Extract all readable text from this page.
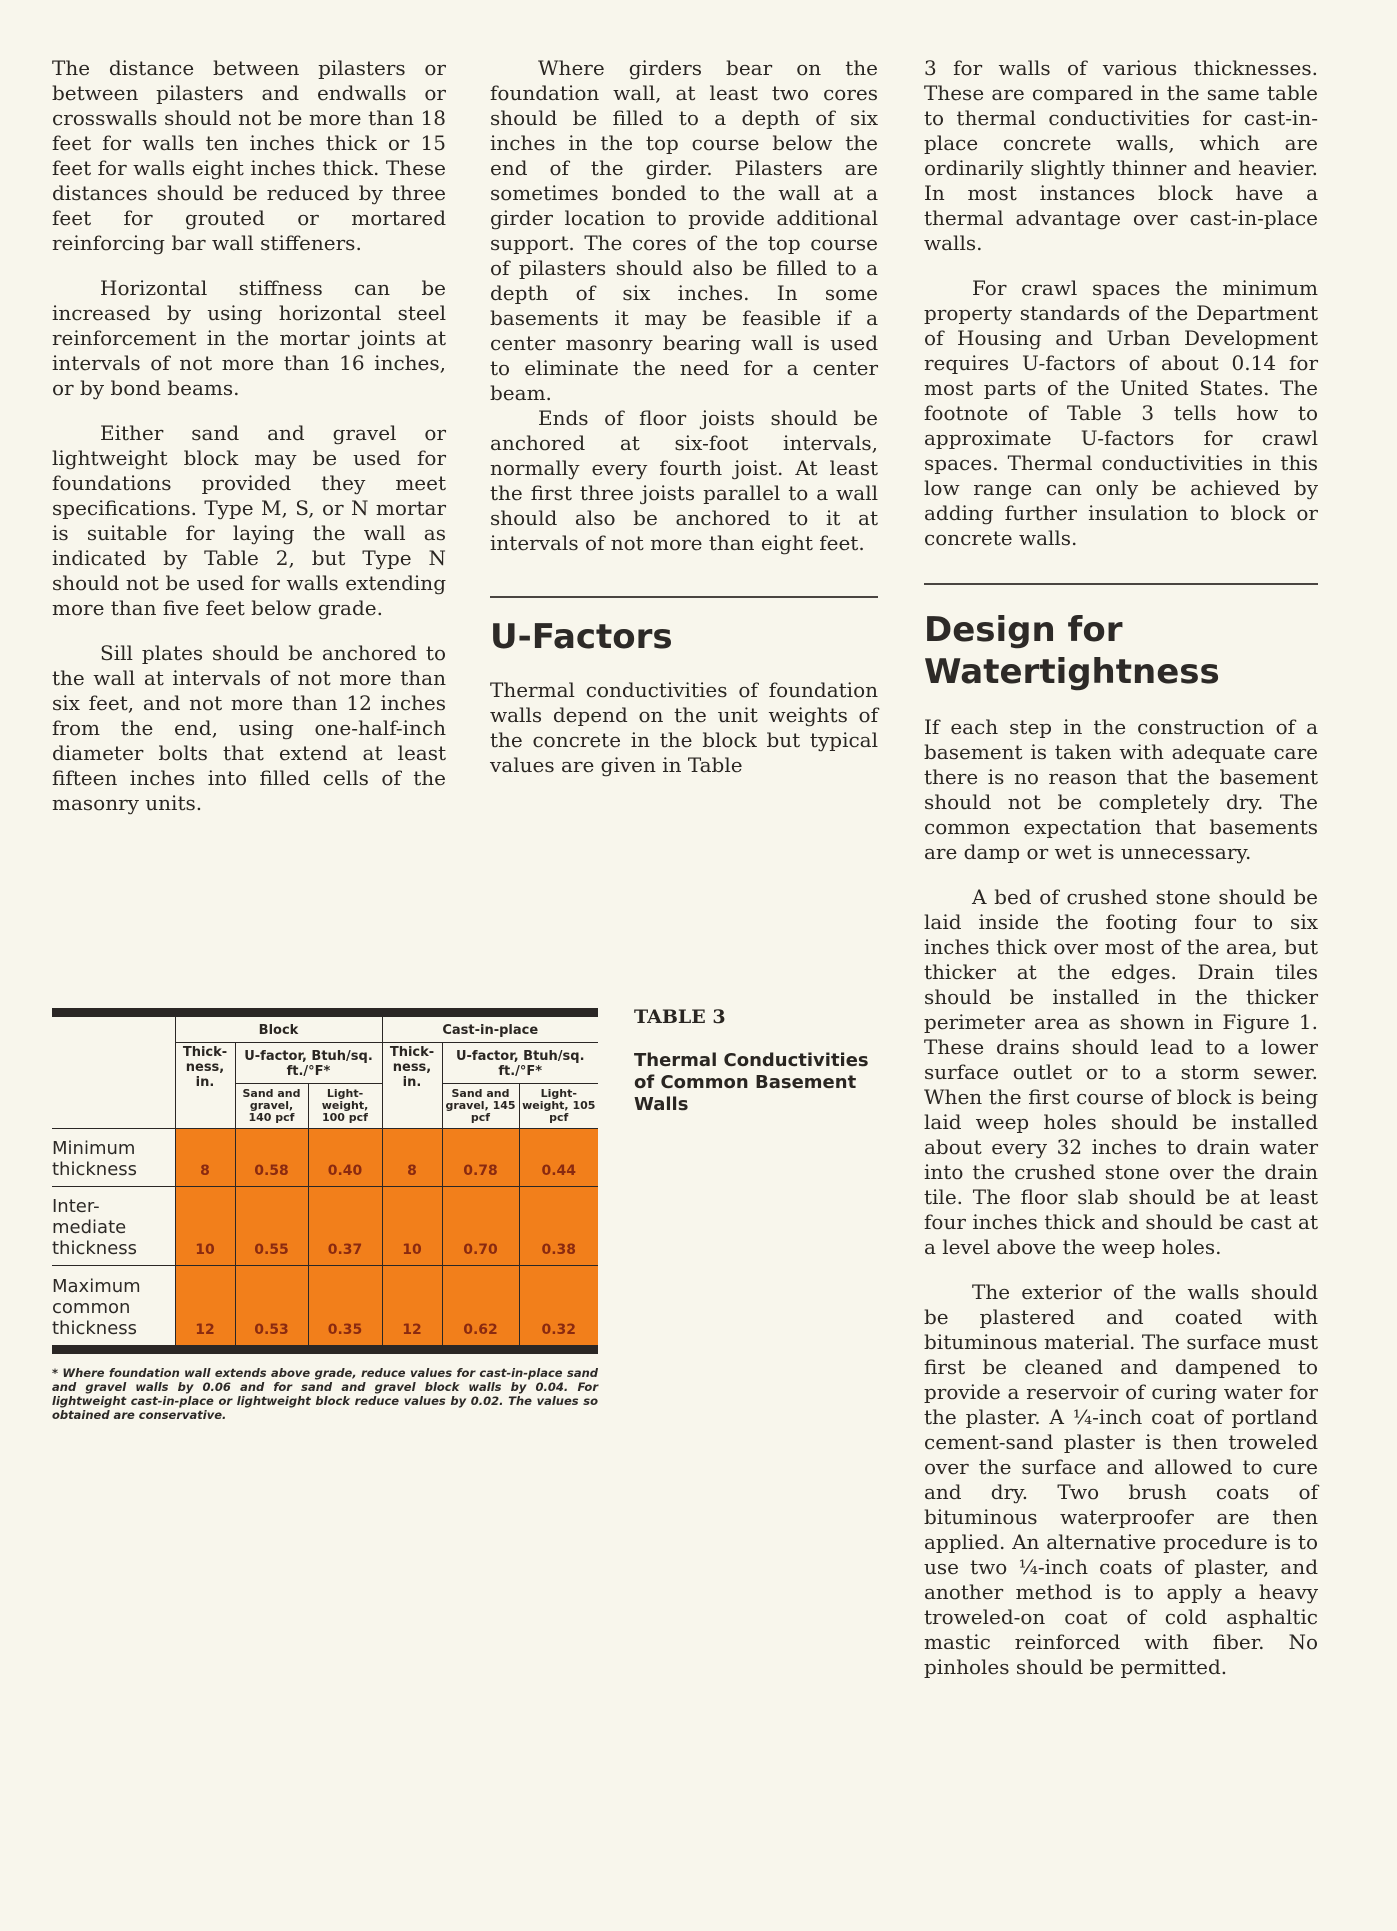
The distance between pilasters or between pilasters and endwalls or crosswalls should not be more than 18 feet for walls ten inches thick or 15 feet for walls eight inches thick. These distances should be reduced by three feet for grouted or mortared reinforcing bar wall stiffeners.

Horizontal stiffness can be increased by using horizontal steel reinforcement in the mortar joints at intervals of not more than 16 inches, or by bond beams.

Either sand and gravel or lightweight block may be used for foundations provided they meet specifications. Type M, S, or N mortar is suitable for laying the wall as indicated by Table 2, but Type N should not be used for walls extending more than five feet below grade.

Sill plates should be anchored to the wall at intervals of not more than six feet, and not more than 12 inches from the end, using one-half-inch diameter bolts that extend at least fifteen inches into filled cells of the masonry units.

Where girders bear on the foundation wall, at least two cores should be filled to a depth of six inches in the top course below the end of the girder. Pilasters are sometimes bonded to the wall at a girder location to provide additional support. The cores of the top course of pilasters should also be filled to a depth of six inches. In some basements it may be feasible if a center masonry bearing wall is used to eliminate the need for a center beam.

Ends of floor joists should be anchored at six-foot intervals, normally every fourth joist. At least the first three joists parallel to a wall should also be anchored to it at intervals of not more than eight feet.

U-Factors

Thermal conductivities of foundation walls depend on the unit weights of the concrete in the block but typical values are given in Table

3 for walls of various thicknesses. These are compared in the same table to thermal conductivities for cast-in-place concrete walls, which are ordinarily slightly thinner and heavier. In most instances block have a thermal advantage over cast-in-place walls.

For crawl spaces the minimum property standards of the Department of Housing and Urban Development requires U-factors of about 0.14 for most parts of the United States. The footnote of Table 3 tells how to approximate U-factors for crawl spaces. Thermal conductivities in this low range can only be achieved by adding further insulation to block or concrete walls.

Design for
Watertightness

If each step in the construction of a basement is taken with adequate care there is no reason that the basement should not be completely dry. The common expectation that basements are damp or wet is unnecessary.

A bed of crushed stone should be laid inside the footing four to six inches thick over most of the area, but thicker at the edges. Drain tiles should be installed in the thicker perimeter area as shown in Figure 1. These drains should lead to a lower surface outlet or to a storm sewer. When the first course of block is being laid weep holes should be installed about every 32 inches to drain water into the crushed stone over the drain tile. The floor slab should be at least four inches thick and should be cast at a level above the weep holes.

The exterior of the walls should be plastered and coated with bituminous material. The surface must first be cleaned and dampened to provide a reservoir of curing water for the plaster. A ¼-inch coat of portland cement-sand plaster is then troweled over the surface and allowed to cure and dry. Two brush coats of bituminous waterproofer are then applied. An alternative procedure is to use two ¼-inch coats of plaster, and another method is to apply a heavy troweled-on coat of cold asphaltic mastic reinforced with fiber. No pinholes should be permitted.

	Block			Cast-in-place		
	Thick-ness, in.	U-factor, Btuh/sq. ft./°F*		Thick-ness, in.	U-factor, Btuh/sq. ft./°F*	
		Sand and gravel, 140 pcf	Light-weight, 100 pcf		Sand and gravel, 145 pcf	Light-weight, 105 pcf
Minimum thickness	8	0.58	0.40	8	0.78	0.44
Inter-mediate thickness	10	0.55	0.37	10	0.70	0.38
Maximum common thickness	12	0.53	0.35	12	0.62	0.32

* Where foundation wall extends above grade, reduce values for cast-in-place sand and gravel walls by 0.06 and for sand and gravel block walls by 0.04. For lightweight cast-in-place or lightweight block reduce values by 0.02. The values so obtained are conservative.

TABLE 3

Thermal Conductivities of Common Basement Walls
